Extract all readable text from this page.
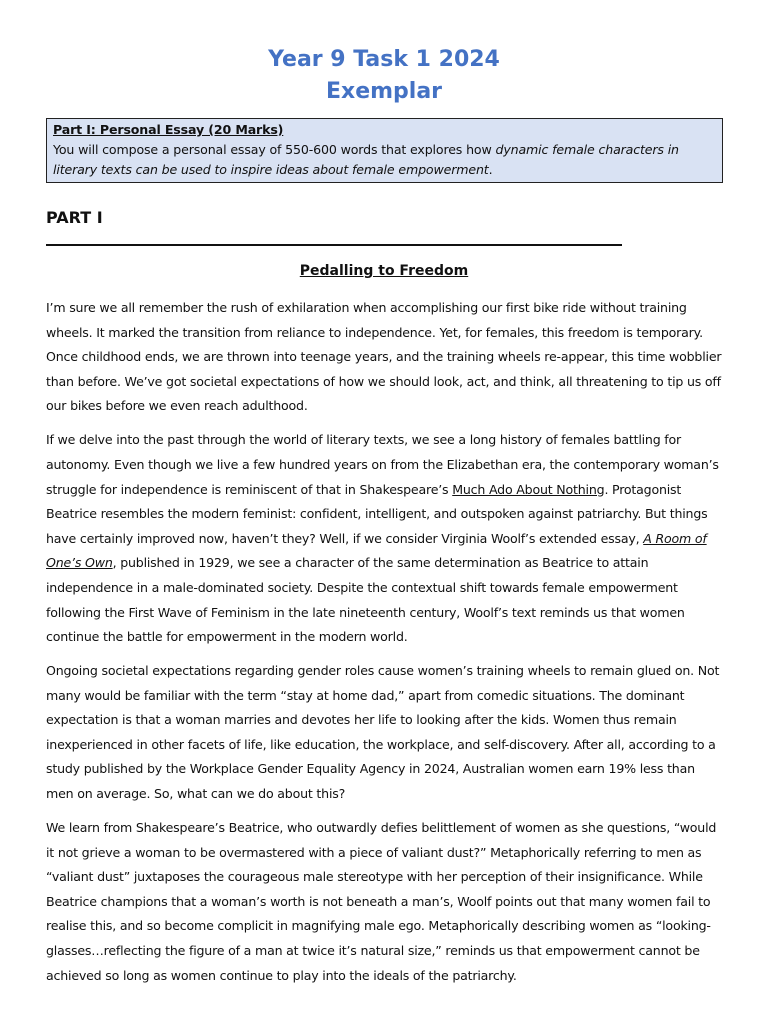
Year 9 Task 1 2024
Exemplar
Part I: Personal Essay (20 Marks)
You will compose a personal essay of 550-600 words that explores how dynamic female characters in literary texts can be used to inspire ideas about female empowerment.
PART I
Pedalling to Freedom

I’m sure we all remember the rush of exhilaration when accomplishing our first bike ride without training wheels. It marked the transition from reliance to independence. Yet, for females, this freedom is temporary. Once childhood ends, we are thrown into teenage years, and the training wheels re-appear, this time wobblier than before. We’ve got societal expectations of how we should look, act, and think, all threatening to tip us off our bikes before we even reach adulthood.

If we delve into the past through the world of literary texts, we see a long history of females battling for autonomy. Even though we live a few hundred years on from the Elizabethan era, the contemporary woman’s struggle for independence is reminiscent of that in Shakespeare’s Much Ado About Nothing. Protagonist Beatrice resembles the modern feminist: confident, intelligent, and outspoken against patriarchy. But things have certainly improved now, haven’t they? Well, if we consider Virginia Woolf’s extended essay, A Room of One’s Own, published in 1929, we see a character of the same determination as Beatrice to attain independence in a male-dominated society. Despite the contextual shift towards female empowerment following the First Wave of Feminism in the late nineteenth century, Woolf’s text reminds us that women continue the battle for empowerment in the modern world.

Ongoing societal expectations regarding gender roles cause women’s training wheels to remain glued on. Not many would be familiar with the term “stay at home dad,” apart from comedic situations. The dominant expectation is that a woman marries and devotes her life to looking after the kids. Women thus remain inexperienced in other facets of life, like education, the workplace, and self-discovery. After all, according to a study published by the Workplace Gender Equality Agency in 2024, Australian women earn 19% less than men on average. So, what can we do about this?

We learn from Shakespeare’s Beatrice, who outwardly defies belittlement of women as she questions, “would it not grieve a woman to be overmastered with a piece of valiant dust?” Metaphorically referring to men as “valiant dust” juxtaposes the courageous male stereotype with her perception of their insignificance. While Beatrice champions that a woman’s worth is not beneath a man’s, Woolf points out that many women fail to realise this, and so become complicit in magnifying male ego. Metaphorically describing women as “looking-glasses…reflecting the figure of a man at twice it’s natural size,” reminds us that empowerment cannot be achieved so long as women continue to play into the ideals of the patriarchy.
